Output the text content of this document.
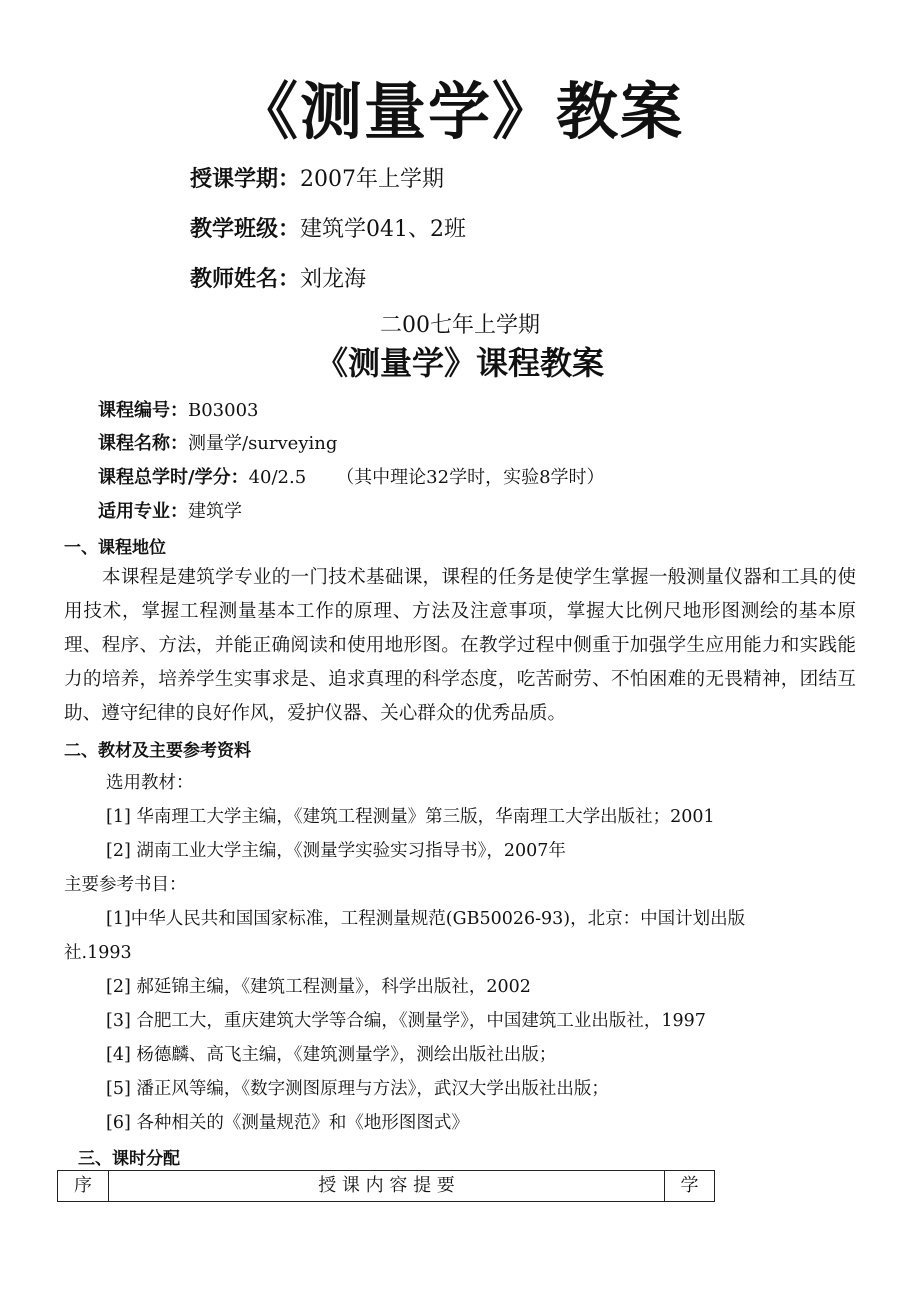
《测量学》教案
授课学期：2007年上学期
教学班级：建筑学041、2班
教师姓名：刘龙海
二00七年上学期
《测量学》课程教案
课程编号：B03003
课程名称：测量学/surveying
课程总学时/学分：40/2.5 （其中理论32学时，实验8学时）
适用专业：建筑学
一、课程地位

本课程是建筑学专业的一门技术基础课，课程的任务是使学生掌握一般测量仪器和工具的使用技术，掌握工程测量基本工作的原理、方法及注意事项，掌握大比例尺地形图测绘的基本原理、程序、方法，并能正确阅读和使用地形图。在教学过程中侧重于加强学生应用能力和实践能力的培养，培养学生实事求是、追求真理的科学态度，吃苦耐劳、不怕困难的无畏精神，团结互助、遵守纪律的良好作风，爱护仪器、关心群众的优秀品质。

二、教材及主要参考资料
选用教材：
[1] 华南理工大学主编，《建筑工程测量》第三版，华南理工大学出版社；2001
[2] 湖南工业大学主编，《测量学实验实习指导书》，2007年
主要参考书目：
[1]中华人民共和国国家标准，工程测量规范(GB50026-93)，北京：中国计划出版
社.1993
[2] 郝延锦主编，《建筑工程测量》，科学出版社，2002
[3] 合肥工大，重庆建筑大学等合编，《测量学》，中国建筑工业出版社，1997
[4] 杨德麟、高飞主编，《建筑测量学》，测绘出版社出版；
[5] 潘正风等编，《数字测图原理与方法》，武汉大学出版社出版；
[6] 各种相关的《测量规范》和《地形图图式》
三、课时分配
序	授 课 内 容 提 要	学
